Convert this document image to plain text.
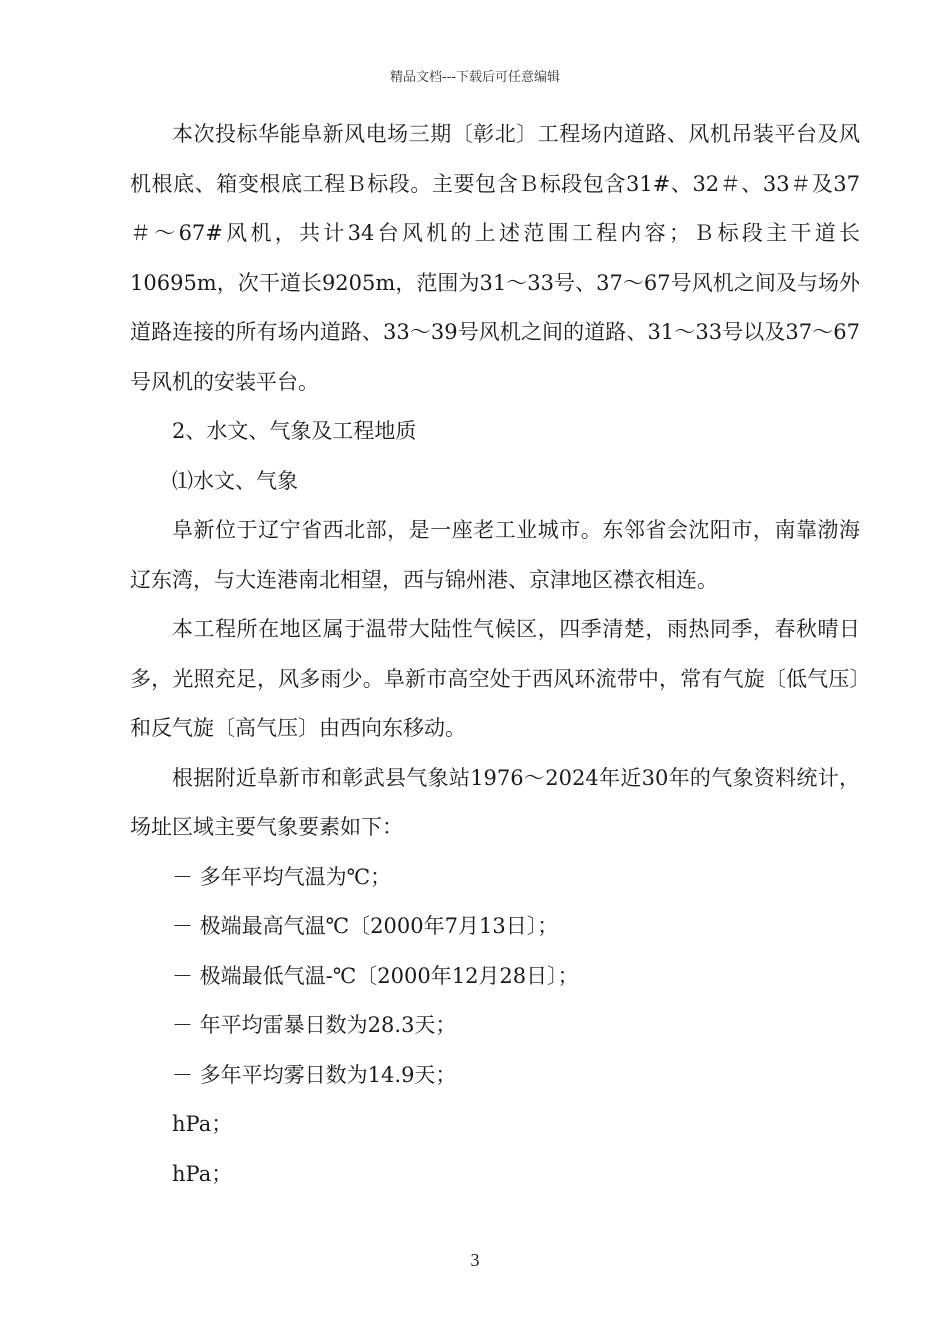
精品文档---下载后可任意编辑

本次投标华能阜新风电场三期〔彰北〕工程场内道路、风机吊装平台及风机根底、箱变根底工程Ｂ标段。主要包含Ｂ标段包含31#、32＃、33＃及37＃～67#风机，共计34台风机的上述范围工程内容；Ｂ标段主干道长10695m，次干道长9205m，范围为31～33号、37～67号风机之间及与场外道路连接的所有场内道路、33～39号风机之间的道路、31～33号以及37～67号风机的安装平台。

2、水文、气象及工程地质

⑴水文、气象

阜新位于辽宁省西北部，是一座老工业城市。东邻省会沈阳市，南靠渤海辽东湾，与大连港南北相望，西与锦州港、京津地区襟衣相连。

本工程所在地区属于温带大陆性气候区，四季清楚，雨热同季，春秋晴日多，光照充足，风多雨少。阜新市高空处于西风环流带中，常有气旋〔低气压〕和反气旋〔高气压〕由西向东移动。

根据附近阜新市和彰武县气象站1976～2024年近30年的气象资料统计，场址区域主要气象要素如下：

－ 多年平均气温为℃；

－ 极端最高气温℃〔2000年7月13日〕；

－ 极端最低气温-℃〔2000年12月28日〕；

－ 年平均雷暴日数为28.3天；

－ 多年平均雾日数为14.9天；

hPa；

hPa；

3
